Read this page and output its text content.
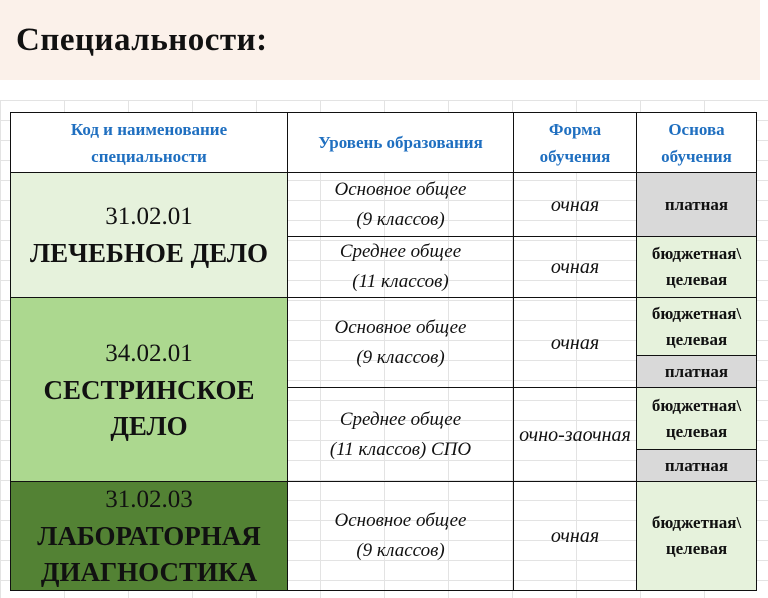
Специальности:
Код и наименование специальности	Уровень образования	Форма обучения	Основа обучения

31.02.01
ЛЕЧЕБНОЕ ДЕЛО	Основное общее
(9 классов)	очная	платная

	Среднее общее
(11 классов)	очная	бюджетная\ целевая

34.02.01
СЕСТРИНСКОЕ ДЕЛО	Основное общее
(9 классов)	очная	бюджетная\ целевая
			платная

	Среднее общее
(11 классов) СПО	очно-заочная	бюджетная\ целевая
			платная

31.02.03
ЛАБОРАТОРНАЯ ДИАГНОСТИКА	Основное общее
(9 классов)	очная	бюджетная\ целевая
